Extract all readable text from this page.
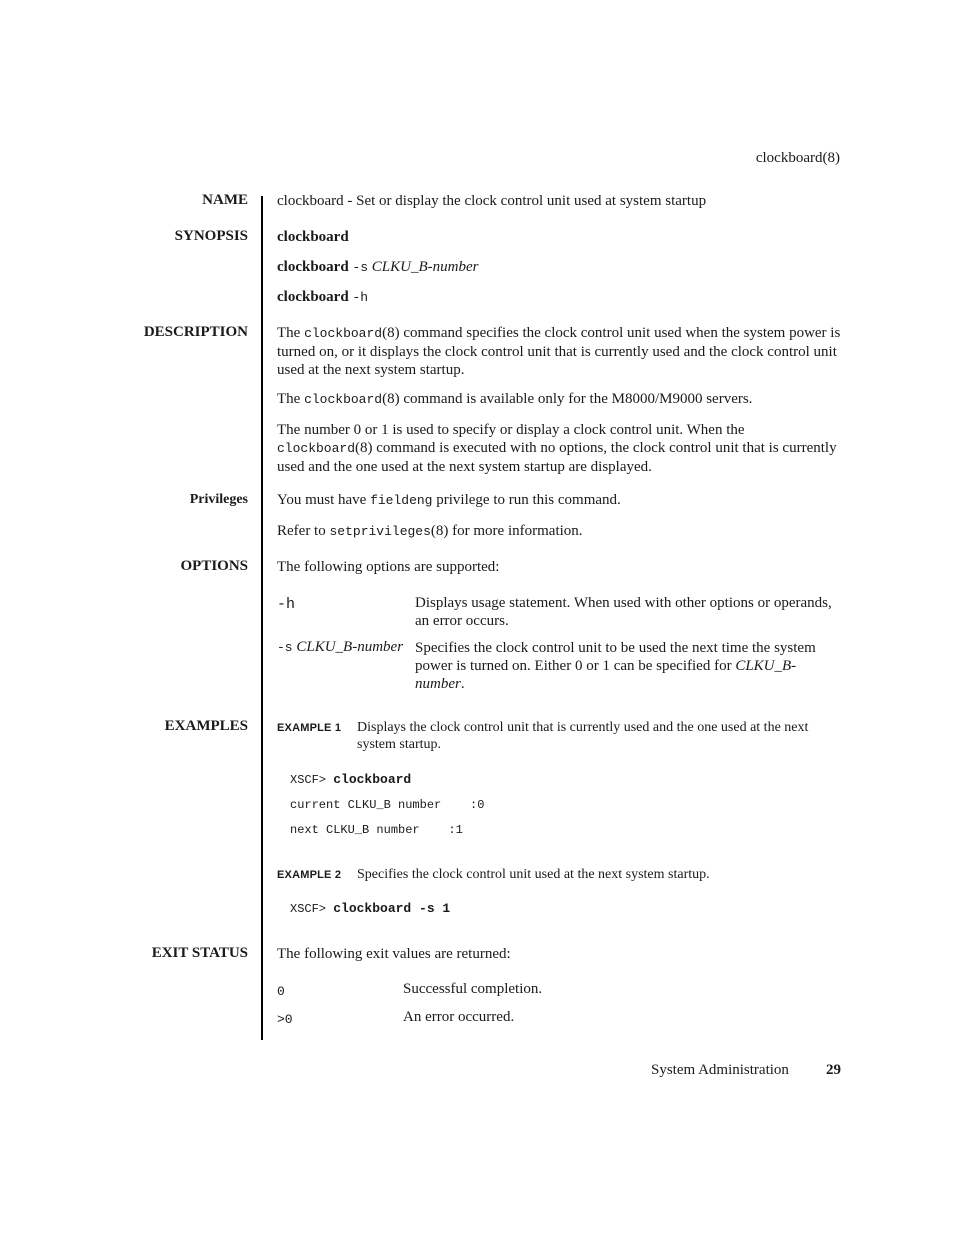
clockboard(8)
NAME clockboard - Set or display the clock control unit used at system startup
SYNOPSIS clockboard
clockboard -s CLKU_B-number
clockboard -h
DESCRIPTION The clockboard(8) command specifies the clock control unit used when the system power is turned on, or it displays the clock control unit that is currently used and the clock control unit used at the next system startup.
The clockboard(8) command is available only for the M8000/M9000 servers.
The number 0 or 1 is used to specify or display a clock control unit. When the clockboard(8) command is executed with no options, the clock control unit that is currently used and the one used at the next system startup are displayed.
Privileges You must have fieldeng privilege to run this command.
Refer to setprivileges(8) for more information.
OPTIONS The following options are supported:
-h	Displays usage statement. When used with other options or operands, an error occurs.
-s CLKU_B-number Specifies the clock control unit to be used the next time the system power is turned on. Either 0 or 1 can be specified for CLKU_B-number.
EXAMPLES	EXAMPLE 1 Displays the clock control unit that is currently used and the one used at the next system startup.
XSCF> clockboard
current CLKU_B number    :0
next CLKU_B number    :1
EXAMPLE 2 Specifies the clock control unit used at the next system startup.
XSCF> clockboard -s 1
EXIT STATUS The following exit values are returned:
0	Successful completion.
>0	An error occurred.
System Administration 29
